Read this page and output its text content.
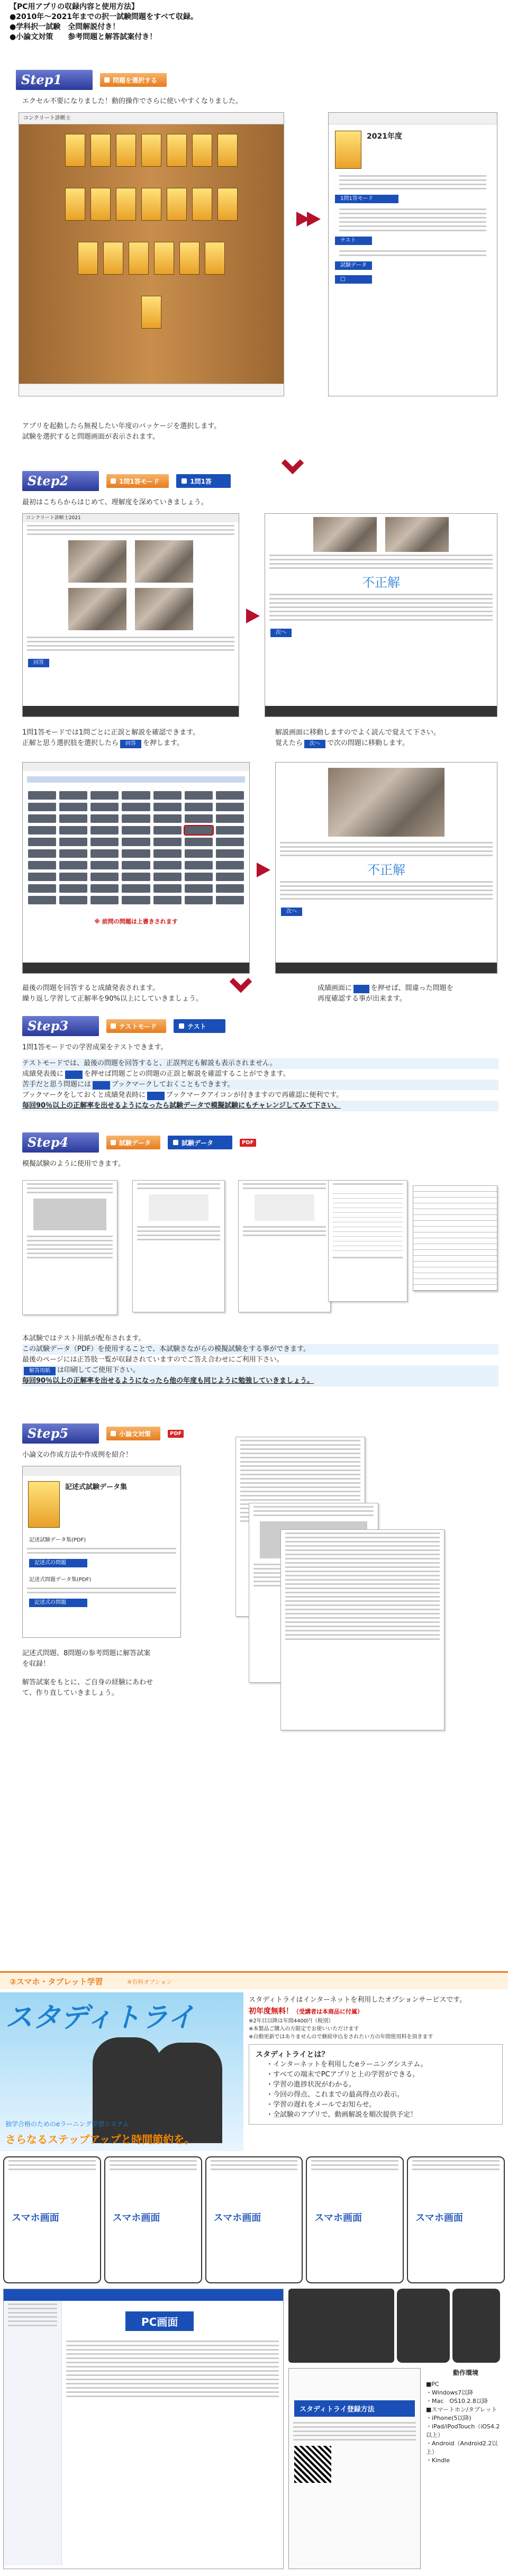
【PC用アプリの収録内容と使用方法】
●2010年～2021年までの択一試験問題をすべて収録。
●学科択一試験　全問解説付き！
●小論文対策　　参考問題と解答試案付き！
Step1	問題を選択する
エクセル不要になりました！動的操作でさらに使いやすくなりました。
コンクリート診断士
2021年度
1問1答モード
テスト
試験データ
□
アプリを起動したら無視したい年度のパッケージを選択します。
試験を選択すると問題画面が表示されます。
Step2	1問1答モード	1問1答
最初はこちらからはじめて、理解度を深めていきましょう。
コンクリート診断士2021
回答
不正解
次へ
1問1答モードでは1問ごとに正誤と解説を確認できます。
正解と思う選択肢を選択したら 回答 を押します。
解説画面に移動しますのでよく読んで覚えて下さい。
覚えたら 次へ で次の問題に移動します。
※ 前問の問題は上書きされます
不正解
次へ
最後の問題を回答すると成績発表されます。
繰り返し学習して正解率を90%以上にしていきましょう。
成績画面に	を押せば、間違った問題を
再度確認する事が出来ます。
Step3	テストモード	テスト
1問1答モードでの学習成果をテストできます。
テストモードでは、最後の問題を回答すると、正誤判定も解説も表示されません。
成績発表後に	を押せば問題ごとの問題の正誤と解説を確認することができます。
苦手だと思う問題には	ブックマークしておくこともできます。
ブックマークをしておくと成績発表時に	ブックマークアイコンが付きますので再確認に便利です。
毎回90％以上の正解率を出せるようになったら試験データで模擬試験にもチャレンジしてみて下さい。
Step4	試験データ	試験データ	PDF
模擬試験のように使用できます。
本試験ではテスト用紙が配布されます。
この試験データ（PDF）を使用することで、本試験さながらの模擬試験をする事ができます。
最後のページには正答肢一覧が収録されていますのでご答え合わせにご利用下さい。
解答用紙 は印刷してご使用下さい。
毎回90％以上の正解率を出せるようになったら他の年度も同じように勉強していきましょう。
Step5	小論文対策	PDF
小論文の作成方法や作成例を紹介！
記述式試験データ集
記述試験データ集(PDF)
記述式の問題
記述式問題データ集(PDF)
記述式の問題
記述式問題、8問題の参考問題に解答試案
を収録！
解答試案をもとに、ご自身の経験にあわせ
て、作り直していきましょう。
②スマホ・タブレット学習	※有料オプション
スタディトライ
独学合格のためのeラーニング学習システム
さらなるステップアップと時間節約を。
スタディトライはインターネットを利用したオプションサービスです。
初年度無料！（受講者は本商品に付属）
※2年目以降は年間4400円（税別）
※本製品ご購入の方限定でお使いいただけます
※自動更新ではありませんので継続申込をされたい方の年間使用料を頂きます
スタディトライとは？
・インターネットを利用したeラーニングシステム。
・すべての端末でPCアプリと上の学習ができる。
・学習の進捗状況がわかる。
・今回の得点、これまでの最高得点の表示。
・学習の遅れをメールでお知らせ。
・全試験のアプリで、動画解説を順次提供予定！
スマホ画面	スマホ画面	スマホ画面	スマホ画面	スマホ画面
PC画面
スタディトライ登録方法
動作環境
■PC
・Windows7以降
・Mac　OS10.2.8以降
■スマートホン/タブレット
・iPhone(5以降)
・iPad/iPodTouch（iOS4.2以上）
・Android（Android2.2以上）
・Kindle
